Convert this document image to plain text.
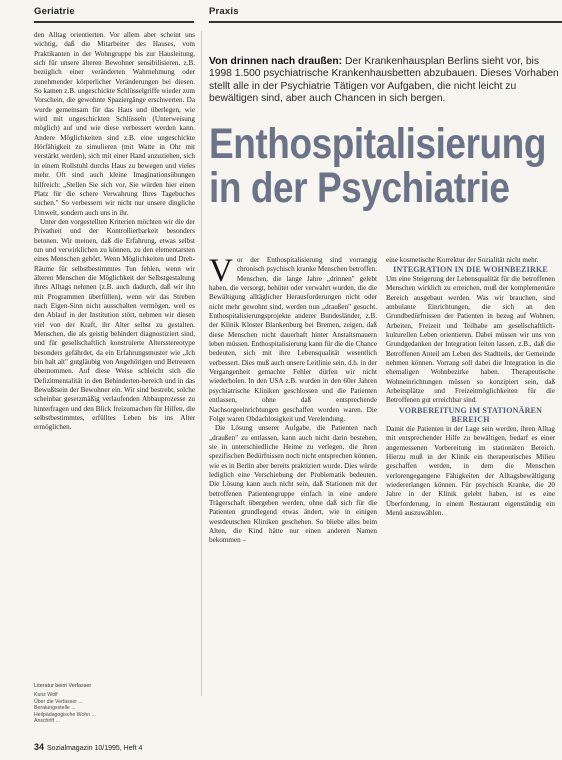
Geriatrie	Praxis

den Alltag orientierten. Vor allem aber scheint uns wichtig, daß die Mitarbeiter des Hauses, vom Praktikanten in der Wohngruppe bis zur Hausleitung, sich für unsere älteren Bewohner sensibilisieren, z.B. bezüglich einer veränderten Wahrnehmung oder zunehmender körperlicher Veränderungen bei diesen. So kamen z.B. ungeschickte Schlüsselgriffe wieder zum Vorschein, die gewohnte Spaziergänge erschwerten. Da wurde gemeinsam für das Haus und überlegen, wie wird mit ungeschickten Schlüsseln (Unterweisung möglich) auf und wie diese verbessert werden kann. Andere Möglichkeiten sind z.B. eine ungeschickte Hörfähigkeit zu simulieren (mit Watte in Ohr mit verstärkt werden), sich mit einer Hand anzuziehen, sich in einem Rollstuhl durchs Haus zu bewegen und vieles mehr. Oft sind auch kleine Imaginationsübungen hilfreich: „Stellen Sie sich vor, Sie würden hier einen Platz für die schere Verwahrung Ihres Tagebuches suchen." So verbessern wir nicht nur unsere dingliche Umwelt, sondern auch uns in ihr.

Unter den vorgestellten Kriterien möchten wir die der Privatheit und der Kontrollierbarkeit besonders betonen. Wir meinen, daß die Erfahrung, etwas selbst tun und verwirklichen zu können, zu den elementarsten eines Menschen gehört. Wenn Möglichkeiten und Dreh-Räume für selbstbestimmtes Tun fehlen, wenn wir älteren Menschen die Möglichkeit der Selbstgestaltung ihres Alltags nehmen (z.B. auch dadurch, daß wir ihn mit Programmen überfüllen), wenn wir das Streben nach Eigen-Sinn nicht ausschalten vermögen, weil es den Ablauf in der Institution stört, nehmen wir diesen viel von der Kraft, ihr Alter selbst zu gestalten. Menschen, die als geistig behindert diagnostiziert sind, und für gesellschaftlich konstruierte Altersstereotype besonders gefährdet, da ein Erfahrungsmuster wie „Ich bin halt alt" gutgläubig von Angehörigen und Betreuern übernommen. Auf diese Weise schleicht sich die Defizitmentalität in den Behinderten-bereich und in das Bewußtsein der Bewohner ein. Wir sind bestrebt, solche scheinbar gesetzmäßig verlaufenden Abbauprozesse zu hinterfragen und den Blick freizumachen für Hilfen, die selbstbestimmtes, erfülltes Leben bis ins Alter ermöglichen.

Literatur beim Verfasser
Kunz Wolf
Über die Verfasser ...
Beratungsstelle ...
Heilpädagogische Wohn ...
Anschrift ...
Von drinnen nach draußen: Der Krankenhausplan Berlins sieht vor, bis 1998 1.500 psychiatrische Krankenhausbetten abzubauen. Dieses Vorhaben stellt alle in der Psychiatrie Tätigen vor Aufgaben, die nicht leicht zu bewältigen sind, aber auch Chancen in sich bergen.
Enthospitalisierung
in der Psychiatrie

Vor der Enthospitalisierung sind vorrangig chronisch psychisch kranke Menschen betroffen. Menschen, die lange Jahre „drinnen" gelebt haben, die versorgt, behütet oder verwahrt wurden, die die Bewältigung alltäglicher Herausforderungen nicht oder nicht mehr gewohnt sind, werden nun „draußen" gesucht. Enthospitalisierungsprojekte anderer Bundesländer, z.B. der Klinik Kloster Blankenburg bei Bremen, zeigen, daß diese Menschen nicht dauerhaft hinter Anstaltsmauern leben müssen. Enthospitalisierung kann für die die Chance bedeuten, sich mit ihre Lebensqualität wesentlich verbessert. Dies muß auch unsere Leitlinie sein, d.h. in der Vergangenheit gemachte Fehler dürfen wir nicht wiederholen. In den USA z.B. wurden in den 60er Jahren psychiatrische Kliniken geschlossen und die Patienten entlassen, ohne daß entsprechende Nachsorgeeinrichtungen geschaffen worden waren. Die Folge waren Obdachlosigkeit und Verelendung.

Die Lösung unserer Aufgabe, die Patienten nach „draußen" zu entlassen, kann auch nicht darin bestehen, sie in unterschiedliche Heime zu verlegen, die ihren spezifischen Bedürfnissen noch nicht entsprechen können, wie es in Berlin aber bereits praktiziert wurde. Dies würde lediglich eine Verschiebung der Problematik bedeuten. Die Lösung kann auch nicht sein, daß Stationen mit der betroffenen Patientengruppe einfach in eine andere Trägerschaft übergeben werden, ohne daß sich für die Patienten grundlegend etwas ändert, wie in einigen westdeutschen Kliniken geschehen. So bliebe alles beim Alten, die Kind hätte nur einen anderen Namen bekommen –

eine kosmetische Korrektur der Sozialität nicht mehr.

INTEGRATION IN DIE WOHNBEZIRKE

Um eine Steigerung der Lebensqualität für die betroffenen Menschen wirklich zu erreichen, muß der komplementäre Bereich ausgebaut werden. Was wir brauchen, sind ambulante Einrichtungen, die sich an den Grundbedürfnissen der Patienten in bezug auf Wohnen, Arbeiten, Freizeit und Teilhabe am gesellschaftlich-kulturellen Leben orientieren. Dabei müssen wir uns von Grundgedanken der Integration leiten lassen, z.B., daß die Betroffenen Anteil am Leben des Stadtteils, der Gemeinde nehmen können. Vorrang soll dabei die Integration in die ehemaligen Wohnbezirke haben. Therapeutische Wohneinrichtungen müssen so konzipiert sein, daß Arbeitsplätze und Freizeitmöglichkeiten für die Betroffenen gut erreichbar sind.

VORBEREITUNG IM STATIONÄREN BEREICH

Damit die Patienten in der Lage sein werden, ihren Alltag mit entsprechender Hilfe zu bewältigen, bedarf es einer angemessenen Vorbereitung im stationären Bereich. Hierzu muß in der Klinik ein therapeutisches Milieu geschaffen werden, in dem die Menschen verlorengegangene Fähigkeiten der Alltagsbewältigung wiedererlangen können. Für psychisch Kranke, die 20 Jahre in der Klinik gelebt haben, ist es eine Überforderung, in einem Restaurant eigenständig ein Menü auszuwählen.

34 Sozialmagazin 10/1995, Heft 4
